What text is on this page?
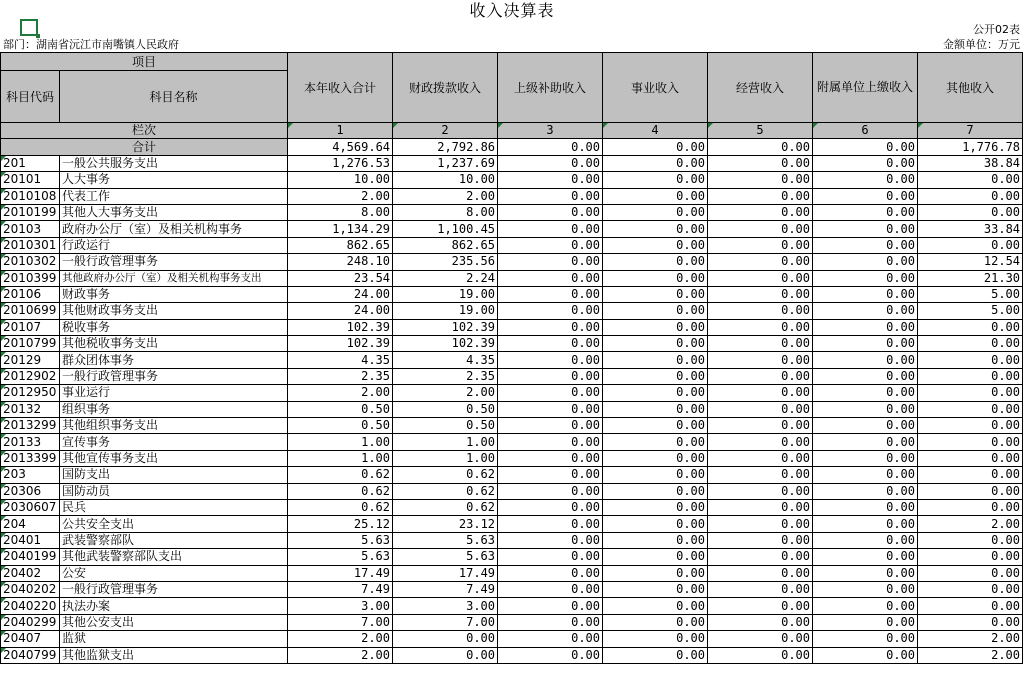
收入决算表
公开02表
部门：湖南省沅江市南嘴镇人民政府	金额单位：万元
项目		本年收入合计	财政拨款收入	上级补助收入	事业收入	经营收入	附属单位上缴收入	其他收入
科目代码	科目名称							
栏次		1	2	3	4	5	6	7
合计		4,569.64	2,792.86	0.00	0.00	0.00	0.00	1,776.78
201	一般公共服务支出	1,276.53	1,237.69	0.00	0.00	0.00	0.00	38.84
20101	人大事务	10.00	10.00	0.00	0.00	0.00	0.00	0.00
2010108	代表工作	2.00	2.00	0.00	0.00	0.00	0.00	0.00
2010199	其他人大事务支出	8.00	8.00	0.00	0.00	0.00	0.00	0.00
20103	政府办公厅（室）及相关机构事务	1,134.29	1,100.45	0.00	0.00	0.00	0.00	33.84
2010301	行政运行	862.65	862.65	0.00	0.00	0.00	0.00	0.00
2010302	一般行政管理事务	248.10	235.56	0.00	0.00	0.00	0.00	12.54
2010399	其他政府办公厅（室）及相关机构事务支出	23.54	2.24	0.00	0.00	0.00	0.00	21.30
20106	财政事务	24.00	19.00	0.00	0.00	0.00	0.00	5.00
2010699	其他财政事务支出	24.00	19.00	0.00	0.00	0.00	0.00	5.00
20107	税收事务	102.39	102.39	0.00	0.00	0.00	0.00	0.00
2010799	其他税收事务支出	102.39	102.39	0.00	0.00	0.00	0.00	0.00
20129	群众团体事务	4.35	4.35	0.00	0.00	0.00	0.00	0.00
2012902	一般行政管理事务	2.35	2.35	0.00	0.00	0.00	0.00	0.00
2012950	事业运行	2.00	2.00	0.00	0.00	0.00	0.00	0.00
20132	组织事务	0.50	0.50	0.00	0.00	0.00	0.00	0.00
2013299	其他组织事务支出	0.50	0.50	0.00	0.00	0.00	0.00	0.00
20133	宣传事务	1.00	1.00	0.00	0.00	0.00	0.00	0.00
2013399	其他宣传事务支出	1.00	1.00	0.00	0.00	0.00	0.00	0.00
203	国防支出	0.62	0.62	0.00	0.00	0.00	0.00	0.00
20306	国防动员	0.62	0.62	0.00	0.00	0.00	0.00	0.00
2030607	民兵	0.62	0.62	0.00	0.00	0.00	0.00	0.00
204	公共安全支出	25.12	23.12	0.00	0.00	0.00	0.00	2.00
20401	武装警察部队	5.63	5.63	0.00	0.00	0.00	0.00	0.00
2040199	其他武装警察部队支出	5.63	5.63	0.00	0.00	0.00	0.00	0.00
20402	公安	17.49	17.49	0.00	0.00	0.00	0.00	0.00
2040202	一般行政管理事务	7.49	7.49	0.00	0.00	0.00	0.00	0.00
2040220	执法办案	3.00	3.00	0.00	0.00	0.00	0.00	0.00
2040299	其他公安支出	7.00	7.00	0.00	0.00	0.00	0.00	0.00
20407	监狱	2.00	0.00	0.00	0.00	0.00	0.00	2.00
2040799	其他监狱支出	2.00	0.00	0.00	0.00	0.00	0.00	2.00
